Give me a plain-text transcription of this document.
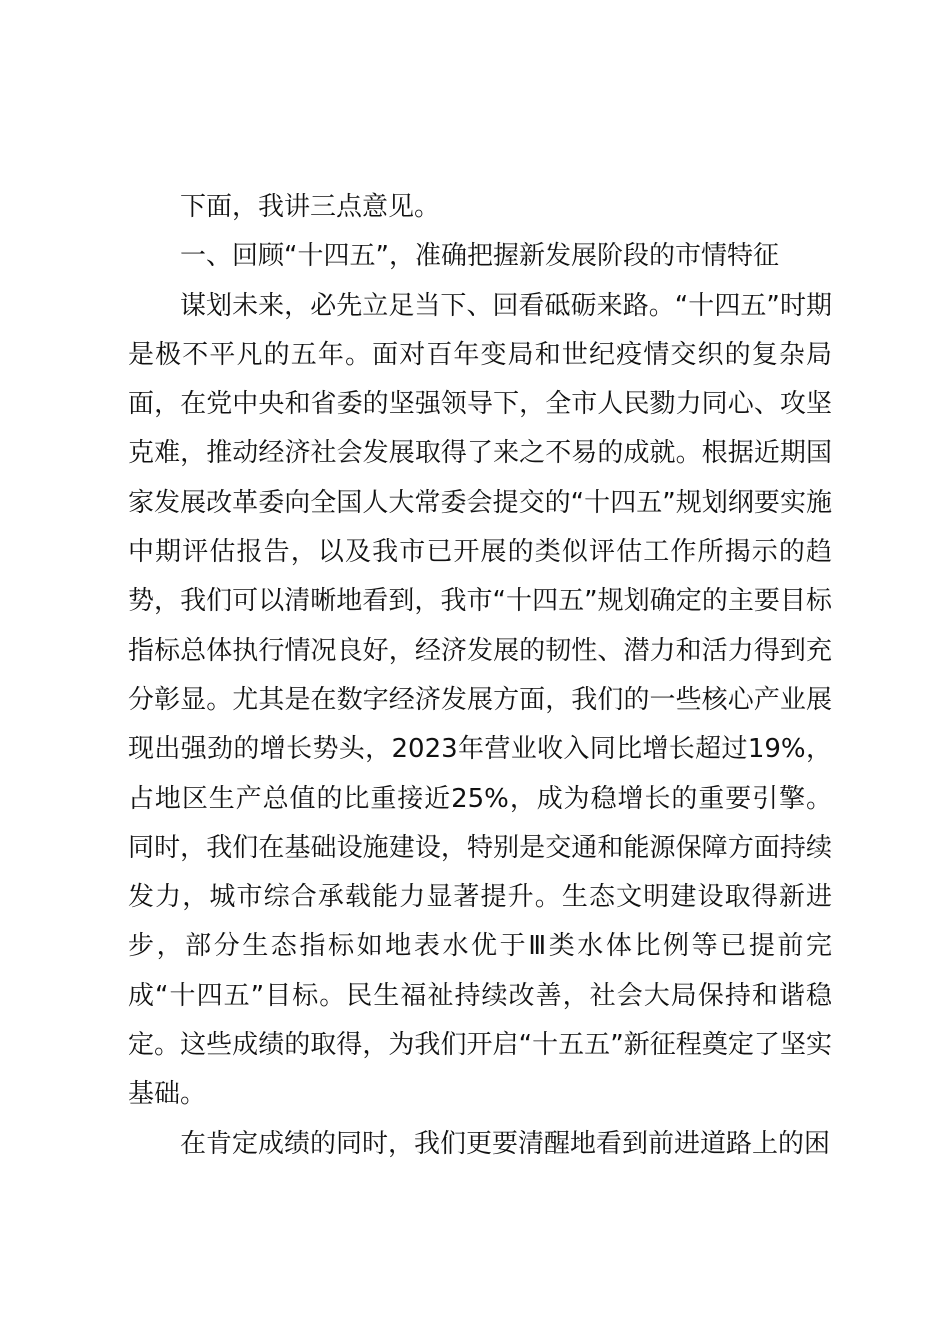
下面，我讲三点意见。

一、回顾“十四五”，准确把握新发展阶段的市情特征

谋划未来，必先立足当下、回看砥砺来路。“十四五”时期是极不平凡的五年。面对百年变局和世纪疫情交织的复杂局面，在党中央和省委的坚强领导下，全市人民勠力同心、攻坚克难，推动经济社会发展取得了来之不易的成就。根据近期国家发展改革委向全国人大常委会提交的“十四五”规划纲要实施中期评估报告，以及我市已开展的类似评估工作所揭示的趋势，我们可以清晰地看到，我市“十四五”规划确定的主要目标指标总体执行情况良好，经济发展的韧性、潜力和活力得到充分彰显。尤其是在数字经济发展方面，我们的一些核心产业展现出强劲的增长势头，2023年营业收入同比增长超过19%，占地区生产总值的比重接近25%，成为稳增长的重要引擎。同时，我们在基础设施建设，特别是交通和能源保障方面持续发力，城市综合承载能力显著提升。生态文明建设取得新进步，部分生态指标如地表水优于Ⅲ类水体比例等已提前完成“十四五”目标。民生福祉持续改善，社会大局保持和谐稳定。这些成绩的取得，为我们开启“十五五”新征程奠定了坚实基础。

在肯定成绩的同时，我们更要清醒地看到前进道路上的困
